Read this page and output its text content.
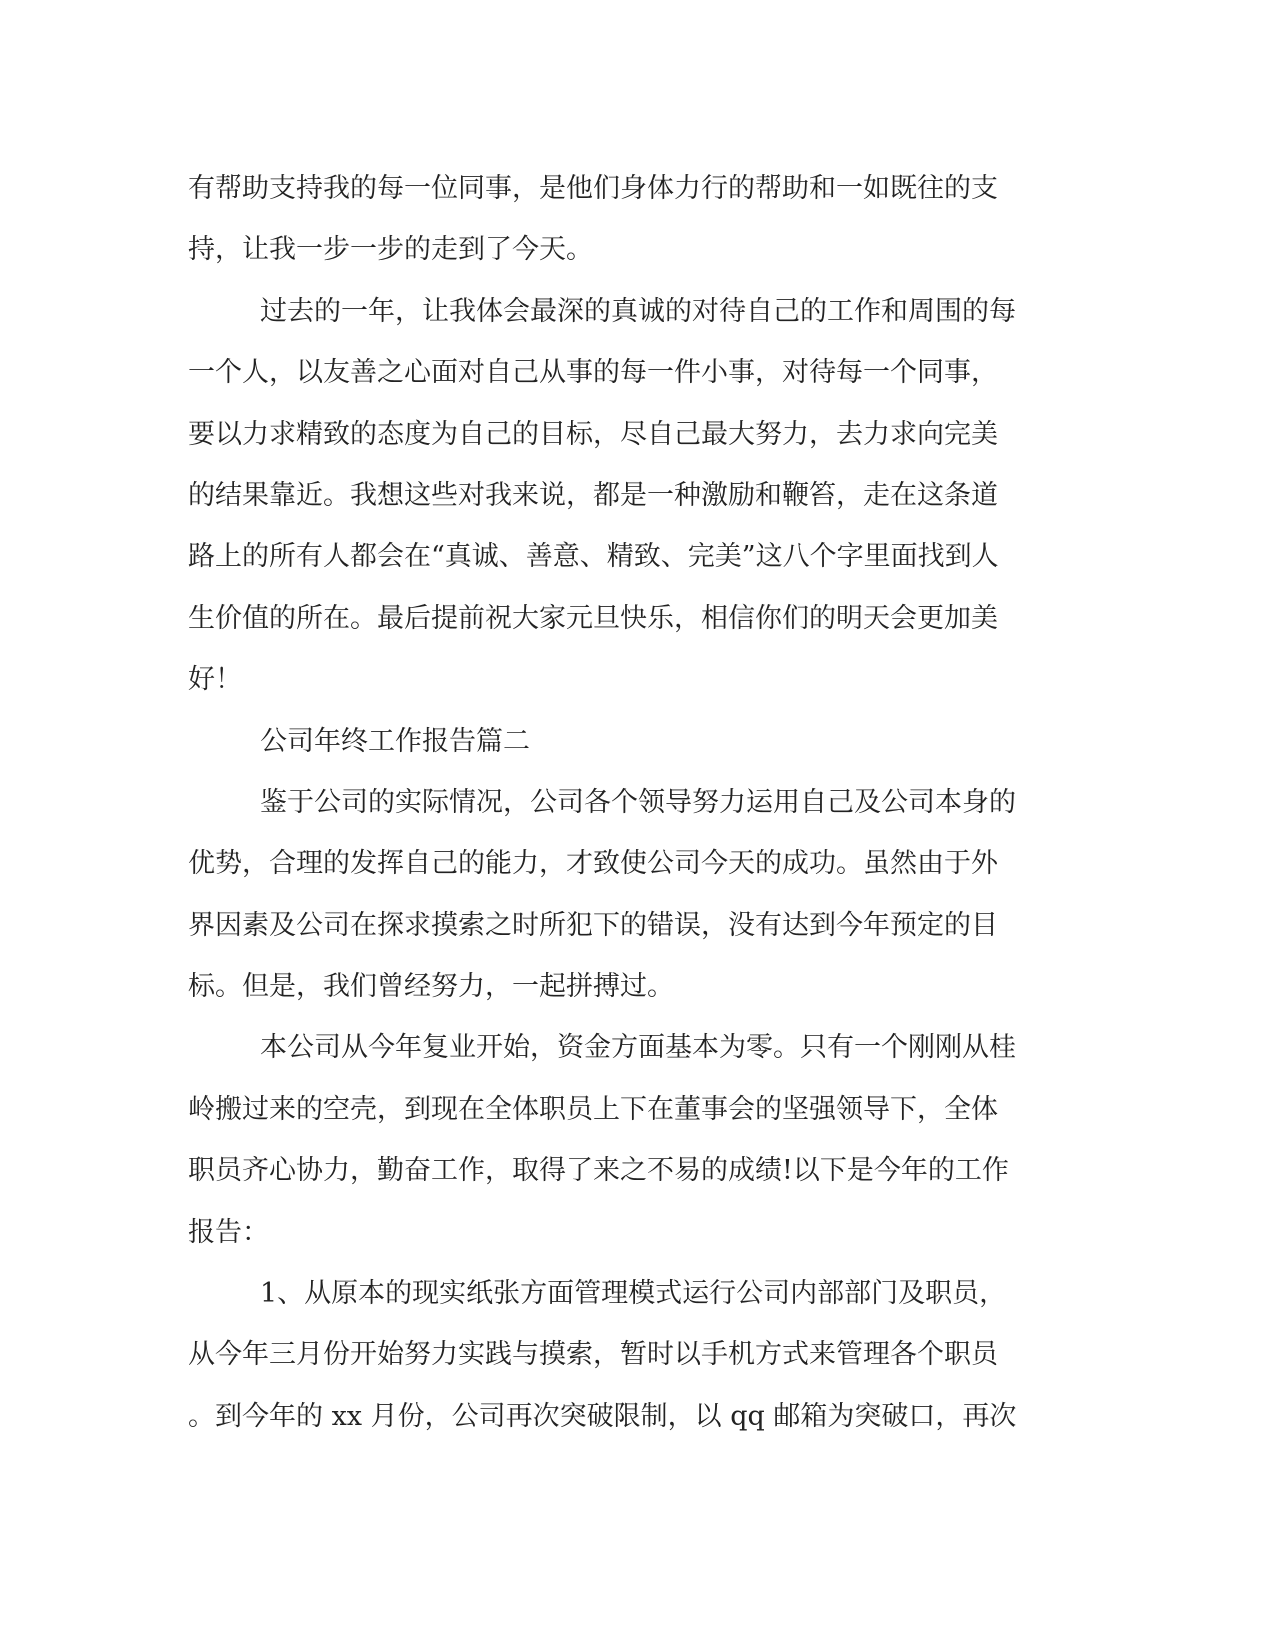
有帮助支持我的每一位同事，是他们身体力行的帮助和一如既往的支
持，让我一步一步的走到了今天。
过去的一年，让我体会最深的真诚的对待自己的工作和周围的每
一个人，以友善之心面对自己从事的每一件小事，对待每一个同事，
要以力求精致的态度为自己的目标，尽自己最大努力，去力求向完美
的结果靠近。我想这些对我来说，都是一种激励和鞭笞，走在这条道
路上的所有人都会在“真诚、善意、精致、完美”这八个字里面找到人
生价值的所在。最后提前祝大家元旦快乐，相信你们的明天会更加美
好！
公司年终工作报告篇二
鉴于公司的实际情况，公司各个领导努力运用自己及公司本身的
优势，合理的发挥自己的能力，才致使公司今天的成功。虽然由于外
界因素及公司在探求摸索之时所犯下的错误，没有达到今年预定的目
标。但是，我们曾经努力，一起拼搏过。
本公司从今年复业开始，资金方面基本为零。只有一个刚刚从桂
岭搬过来的空壳，到现在全体职员上下在董事会的坚强领导下，全体
职员齐心协力，勤奋工作，取得了来之不易的成绩!以下是今年的工作
报告：
1、从原本的现实纸张方面管理模式运行公司内部部门及职员，
从今年三月份开始努力实践与摸索，暂时以手机方式来管理各个职员
。到今年的 xx 月份，公司再次突破限制，以 qq 邮箱为突破口，再次
